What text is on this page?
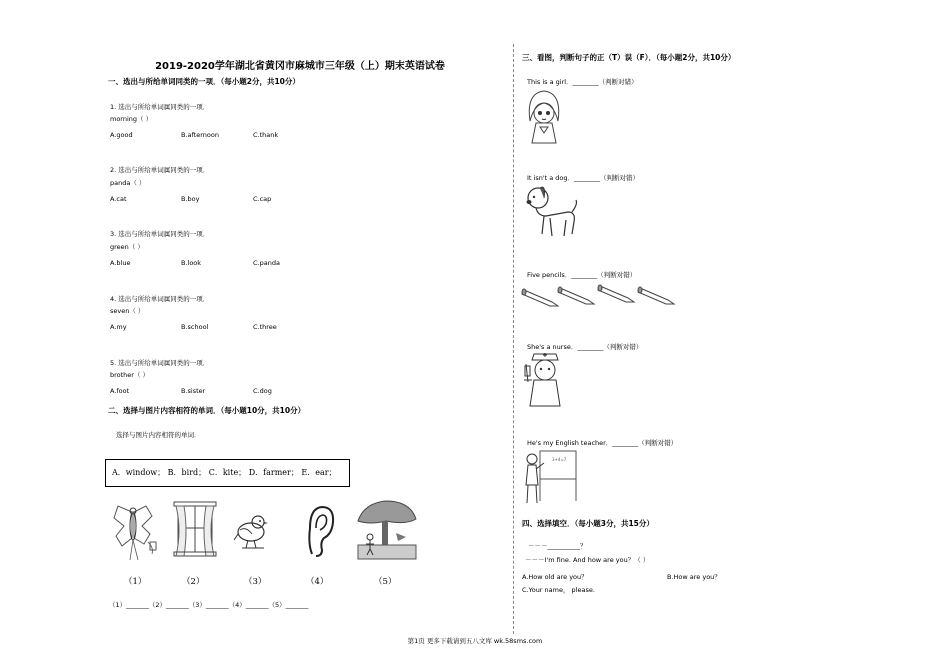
2019-2020学年湖北省黄冈市麻城市三年级（上）期末英语试卷
一、选出与所给单词同类的一项．（每小题2分，共10分）
1. 选出与所给单词属同类的一项．
morning（ ）
A.good	B.afternoon	C.thank
2. 选出与所给单词属同类的一项．
panda（ ）
A.cat	B.boy	C.cap
3. 选出与所给单词属同类的一项．
green（ ）
A.blue	B.look	C.panda
4. 选出与所给单词属同类的一项．
seven（ ）
A.my	B.school	C.three
5. 选出与所给单词属同类的一项．
brother（ ）
A.foot	B.sister	C.dog
二、选择与图片内容相符的单词．（每小题10分，共10分）
选择与图片内容相符的单词．
A．window； B．bird； C．kite； D．farmer； E．ear；
（1）	（2）	（3）	（4）	（5）
（1）_______（2）_______（3）_______（4）_______（5）_______
三、看图，判断句子的正（T）误（F）．（每小题2分，共10分）
This is a girl．________（判断对错）
It isn't a dog．________（判断对错）
Five pencils．________（判断对错）
She's a nurse．________（判断对错）
He's my English teacher．________（判断对错）
3+4=7
四、选择填空．（每小题3分，共15分）
－－－__________？
－－－I'm fine. And how are you？（ ）
A.How old are you？	B.How are you？
C.Your name， please.
第1页 更多下载请到五八文库 wk.58sms.com
